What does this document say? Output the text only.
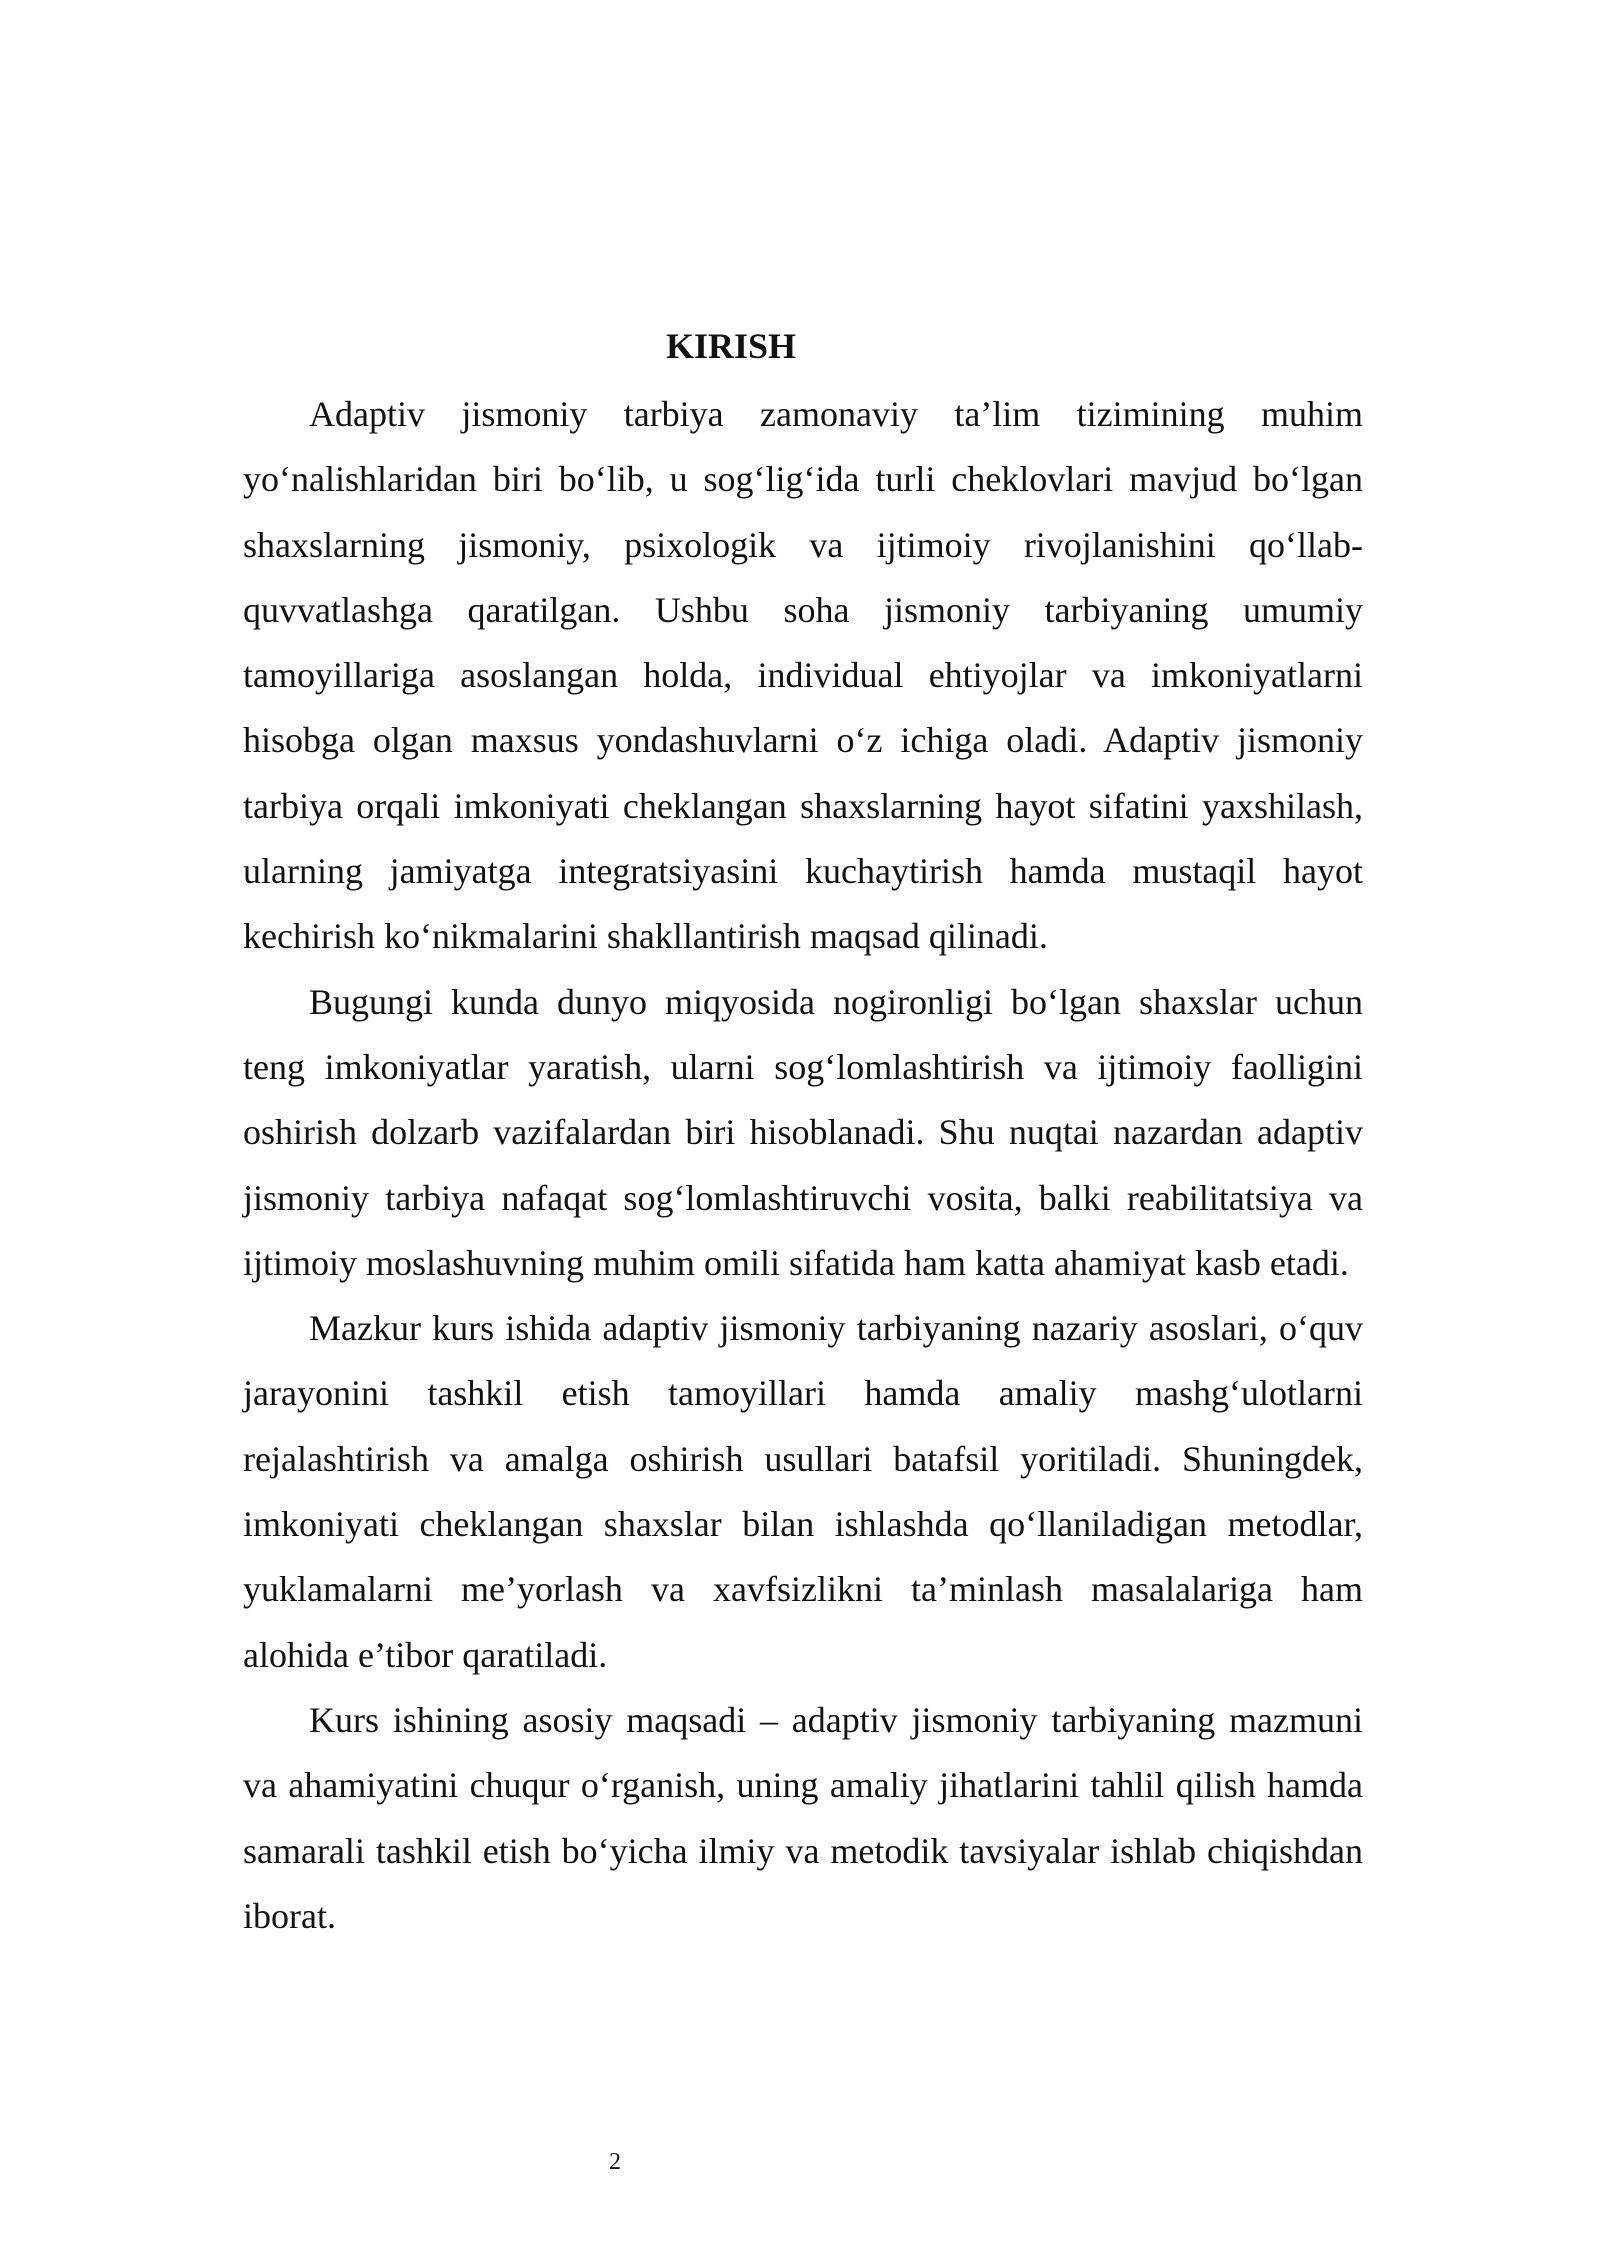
KIRISH

Adaptiv jismoniy tarbiya zamonaviy ta’lim tizimining muhim yo‘nalishlaridan biri bo‘lib, u sog‘lig‘ida turli cheklovlari mavjud bo‘lgan shaxslarning jismoniy, psixologik va ijtimoiy rivojlanishini qo‘llab-quvvatlashga qaratilgan. Ushbu soha jismoniy tarbiyaning umumiy tamoyillariga asoslangan holda, individual ehtiyojlar va imkoniyatlarni hisobga olgan maxsus yondashuvlarni o‘z ichiga oladi. Adaptiv jismoniy tarbiya orqali imkoniyati cheklangan shaxslarning hayot sifatini yaxshilash, ularning jamiyatga integratsiyasini kuchaytirish hamda mustaqil hayot kechirish ko‘nikmalarini shakllantirish maqsad qilinadi.

Bugungi kunda dunyo miqyosida nogironligi bo‘lgan shaxslar uchun teng imkoniyatlar yaratish, ularni sog‘lomlashtirish va ijtimoiy faolligini oshirish dolzarb vazifalardan biri hisoblanadi. Shu nuqtai nazardan adaptiv jismoniy tarbiya nafaqat sog‘lomlashtiruvchi vosita, balki reabilitatsiya va ijtimoiy moslashuvning muhim omili sifatida ham katta ahamiyat kasb etadi.

Mazkur kurs ishida adaptiv jismoniy tarbiyaning nazariy asoslari, o‘quv jarayonini tashkil etish tamoyillari hamda amaliy mashg‘ulotlarni rejalashtirish va amalga oshirish usullari batafsil yoritiladi. Shuningdek, imkoniyati cheklangan shaxslar bilan ishlashda qo‘llaniladigan metodlar, yuklamalarni me’yorlash va xavfsizlikni ta’minlash masalalariga ham alohida e’tibor qaratiladi.

Kurs ishining asosiy maqsadi – adaptiv jismoniy tarbiyaning mazmuni va ahamiyatini chuqur o‘rganish, uning amaliy jihatlarini tahlil qilish hamda samarali tashkil etish bo‘yicha ilmiy va metodik tavsiyalar ishlab chiqishdan iborat.

2
